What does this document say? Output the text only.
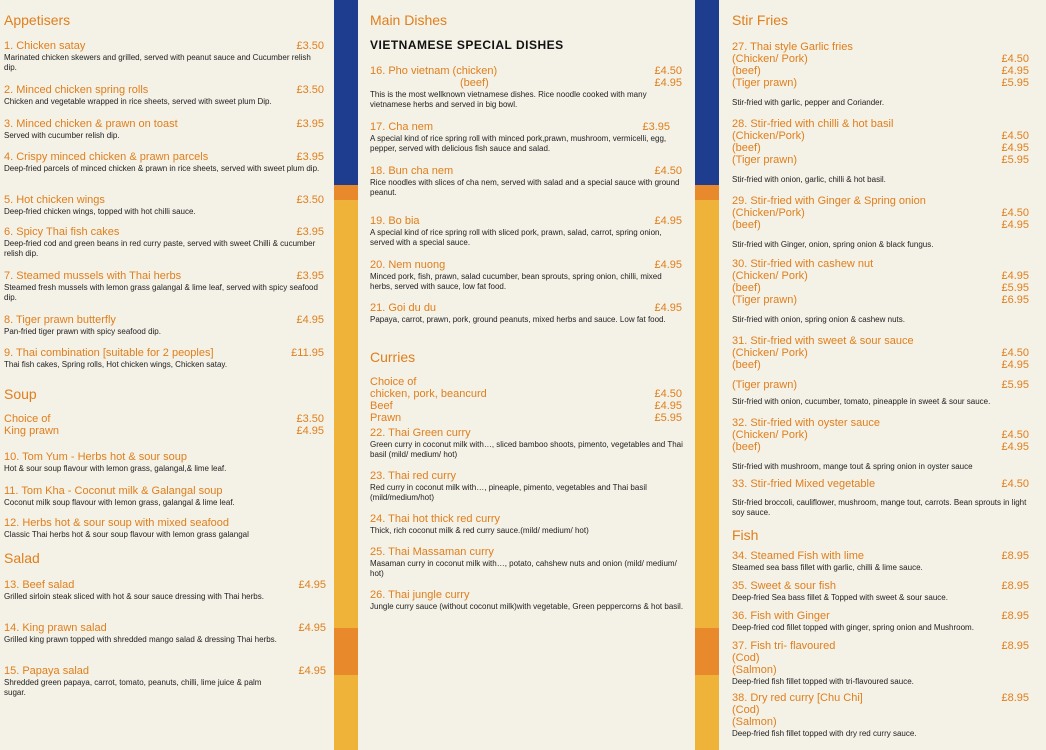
Appetisers
1. Chicken satay	£3.50
Marinated chicken skewers and grilled, served with peanut sauce and Cucumber relish dip.
2. Minced chicken spring rolls	£3.50
Chicken and vegetable wrapped in rice sheets, served with sweet plum Dip.
3. Minced chicken & prawn on toast	£3.95
Served with cucumber relish dip.
4. Crispy minced chicken & prawn parcels	£3.95
Deep-fried parcels of minced chicken & prawn in rice sheets, served with sweet plum dip.
5. Hot chicken wings	£3.50
Deep-fried chicken wings, topped with hot chilli sauce.
6. Spicy Thai fish cakes	£3.95
Deep-fried cod and green beans in red curry paste, served with sweet Chilli & cucumber relish dip.
7. Steamed mussels with Thai herbs	£3.95
Steamed fresh mussels with lemon grass galangal & lime leaf, served with spicy seafood dip.
8. Tiger prawn butterfly	£4.95
Pan-fried tiger prawn with spicy seafood dip.
9. Thai combination [suitable for 2 peoples]	£11.95
Thai fish cakes, Spring rolls, Hot chicken wings, Chicken satay.
Soup
Choice of	£3.50
King prawn	£4.95
10. Tom Yum - Herbs hot & sour soup
Hot & sour soup flavour with lemon grass, galangal,& lime leaf.
11. Tom Kha - Coconut milk & Galangal soup
Coconut milk soup flavour with lemon grass, galangal & lime leaf.
12. Herbs hot & sour soup with mixed seafood
Classic Thai herbs hot & sour soup flavour with lemon grass galangal
Salad
13. Beef salad	£4.95
Grilled sirloin steak sliced with hot & sour sauce dressing with Thai herbs.
14. King prawn salad	£4.95
Grilled king prawn topped with shredded mango salad & dressing Thai herbs.
15. Papaya salad	£4.95
Shredded green papaya, carrot, tomato, peanuts, chilli, lime juice & palm sugar.
Main Dishes
VIETNAMESE SPECIAL DISHES
16. Pho vietnam (chicken)	£4.50
(beef)	£4.95
This is the most wellknown vietnamese dishes. Rice noodle cooked with many vietnamese herbs and served in big bowl.
17. Cha nem	£3.95
A special kind of rice spring roll with minced pork,prawn, mushroom, vermicelli, egg, pepper, served with delicious fish sauce and salad.
18. Bun cha nem	£4.50
Rice noodles with slices of cha nem, served with salad and a special sauce with ground peanut.
19. Bo bia	£4.95
A special kind of rice spring roll with sliced pork, prawn, salad, carrot, spring onion, served with a special sauce.
20. Nem nuong	£4.95
Minced pork, fish, prawn, salad cucumber, bean sprouts, spring onion, chilli, mixed herbs, served with sauce, low fat food.
21. Goi du du	£4.95
Papaya, carrot, prawn, pork, ground peanuts, mixed herbs and sauce. Low fat food.
Curries
Choice of
chicken, pork, beancurd	£4.50
Beef	£4.95
Prawn	£5.95
22. Thai Green curry
Green curry in coconut milk with…, sliced bamboo shoots, pimento, vegetables and Thai basil (mild/ medium/ hot)
23. Thai red curry
Red curry in coconut milk with…, pineaple, pimento, vegetables and Thai basil (mild/medium/hot)
24. Thai hot thick red curry
Thick, rich coconut milk & red curry sauce.(mild/ medium/ hot)
25. Thai Massaman curry
Masaman curry in coconut milk with…, potato, cahshew nuts and onion (mild/ medium/ hot)
26. Thai jungle curry
Jungle curry sauce (without coconut milk)with vegetable, Green peppercorns & hot basil.
Stir Fries
27. Thai style Garlic fries
(Chicken/ Pork)	£4.50
(beef)	£4.95
(Tiger prawn)	£5.95
Stir-fried with garlic, pepper and Coriander.
28. Stir-fried with chilli & hot basil
(Chicken/Pork)	£4.50
(beef)	£4.95
(Tiger prawn)	£5.95
Stir-fried with onion, garlic, chilli & hot basil.
29. Stir-fried with Ginger & Spring onion
(Chicken/Pork)	£4.50
(beef)	£4.95
Stir-fried with Ginger, onion, spring onion & black fungus.
30. Stir-fried with cashew nut
(Chicken/ Pork)	£4.95
(beef)	£5.95
(Tiger prawn)	£6.95
Stir-fried with onion, spring onion & cashew nuts.
31. Stir-fried with sweet & sour sauce
(Chicken/ Pork)	£4.50
(beef)	£4.95
(Tiger prawn)	£5.95
Stir-fried with onion, cucumber, tomato, pineapple in sweet & sour sauce.
32. Stir-fried with oyster sauce
(Chicken/ Pork)	£4.50
(beef)	£4.95
Stir-fried with mushroom, mange tout & spring onion in oyster sauce
33. Stir-fried Mixed vegetable	£4.50
Stir-fried broccoli, cauliflower, mushroom, mange tout, carrots. Bean sprouts in light soy sauce.
Fish
34. Steamed Fish with lime	£8.95
Steamed sea bass fillet with garlic, chilli & lime sauce.
35. Sweet & sour fish	£8.95
Deep-fried Sea bass fillet & Topped with sweet & sour sauce.
36. Fish with Ginger	£8.95
Deep-fried cod fillet topped with ginger, spring onion and Mushroom.
37. Fish tri- flavoured	£8.95
(Cod)
(Salmon)
Deep-fried fish fillet topped with tri-flavoured sauce.
38. Dry red curry [Chu Chi]	£8.95
(Cod)
(Salmon)
Deep-fried fish fillet topped with dry red curry sauce.
